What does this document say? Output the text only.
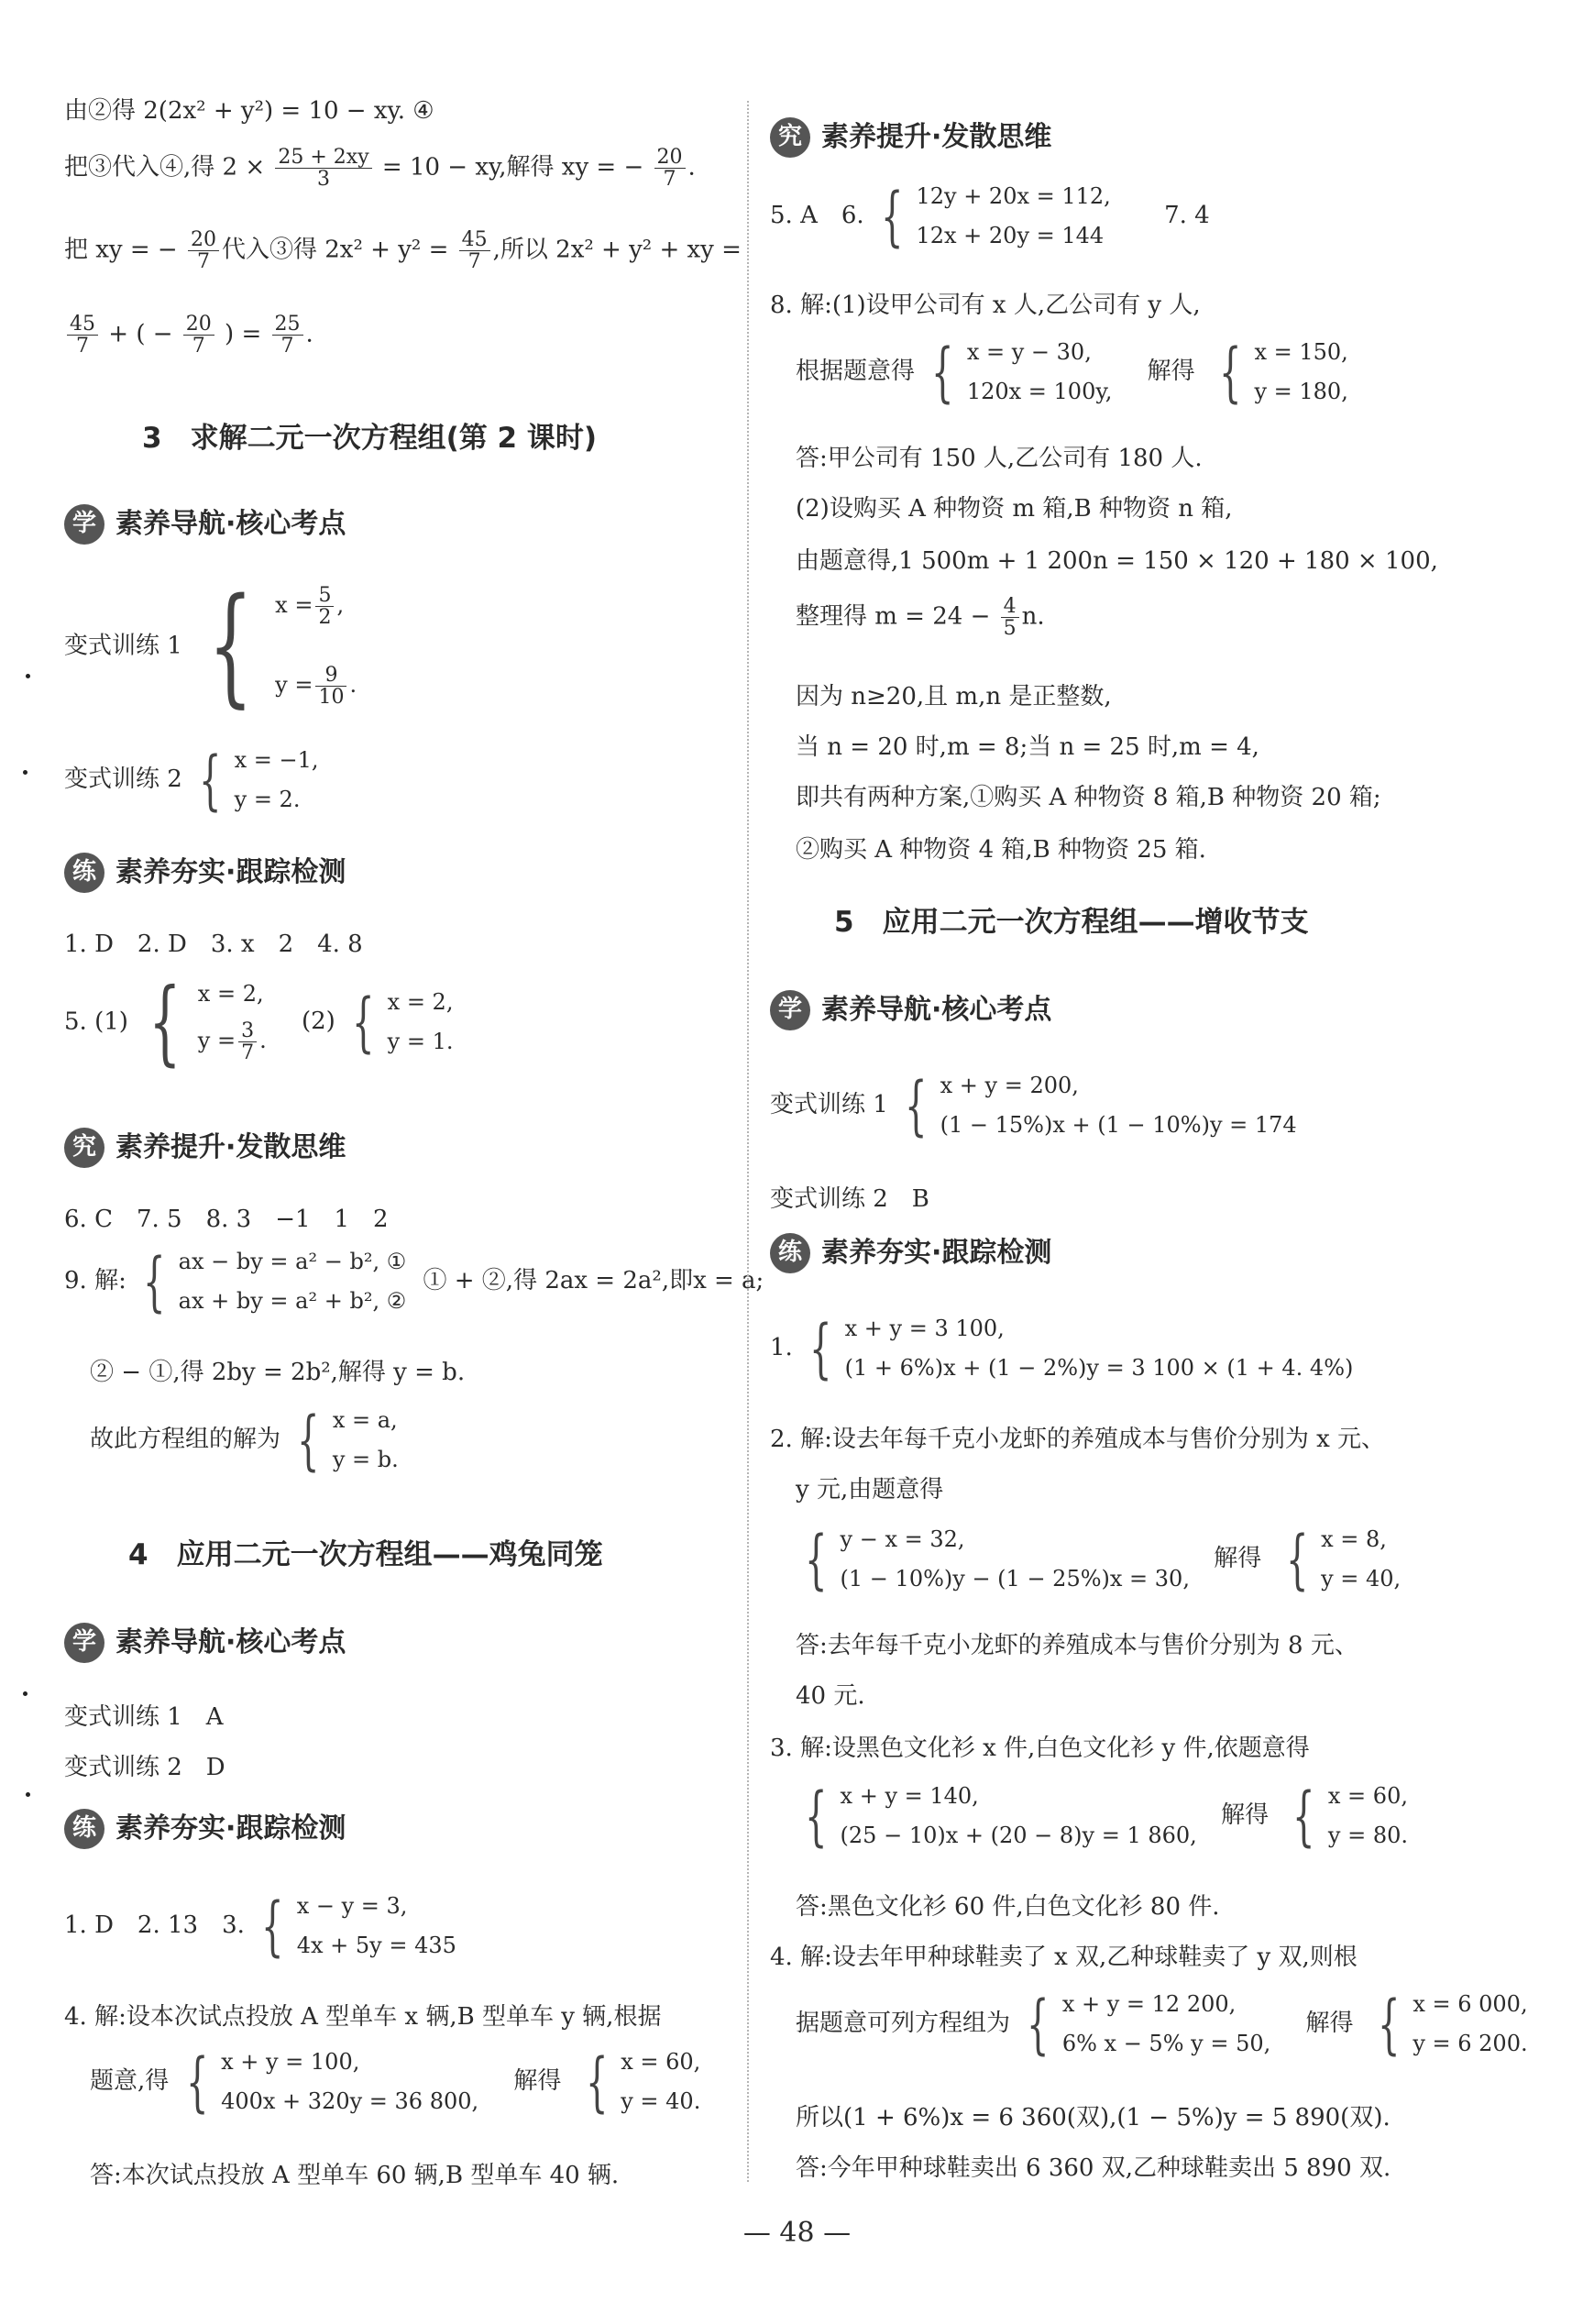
由②得 2(2x² + y²) = 10 − xy. ④
把③代入④,得 $2 \times \frac{25 + 2xy}{3} = 10$ − xy,解得 xy = − $\frac{20}{7}$ .
把 xy = − $\frac{20}{7}$ 代入③得 $2x^2 + y^2 = \frac{45}{7}$ ,所以 2x² + y² + xy =
$\frac{45}{7}$ + ( − $\frac{20}{7}$ ) = $\frac{25}{7}$ .
3　求解二元一次方程组(第 2 课时)
学 素养导航·核心考点
变式训练 1 { $x = \frac{5}{2}$ ,
$y = \frac{9}{10}$ .
变式训练 2 { x = −1,
y = 2.
练 素养夯实·跟踪检测
1. D　2. D　3. x　2　4. 8
5. (1) { x = 2,
$y = \frac{3}{7}$ .
(2) { x = 2,
y = 1.
究 素养提升·发散思维
6. C　7. 5　8. 3　−1　1　2
9. 解: { ax − by = a² − b², ①
ax + by = a² + b², ②
① + ②,得 2ax = 2a²,即x = a;
② − ①,得 2by = 2b²,解得 y = b.
故此方程组的解为 { x = a,
y = b.
4　应用二元一次方程组——鸡兔同笼
学 素养导航·核心考点
变式训练 1　A
变式训练 2　D
练 素养夯实·跟踪检测
1. D　2. 13　3. { x − y = 3,
4x + 5y = 435
4. 解:设本次试点投放 A 型单车 x 辆,B 型单车 y 辆,根据
题意,得 { x + y = 100,
400x + 320y = 36 800,
解得 { x = 60,
y = 40.
答:本次试点投放 A 型单车 60 辆,B 型单车 40 辆.
究 素养提升·发散思维
5. A　6. { 12y + 20x = 112,
12x + 20y = 144
7. 4
8. 解:(1)设甲公司有 x 人,乙公司有 y 人,
根据题意得 { x = y − 30,
120x = 100y,
解得 { x = 150,
y = 180,
答:甲公司有 150 人,乙公司有 180 人.
(2)设购买 A 种物资 m 箱,B 种物资 n 箱,
由题意得,1 500m + 1 200n = 150 × 120 + 180 × 100,
整理得 $m = 24 - \frac{4}{5} n$.
因为 n≥20,且 m,n 是正整数,
当 n = 20 时,m = 8;当 n = 25 时,m = 4,
即共有两种方案,①购买 A 种物资 8 箱,B 种物资 20 箱;
②购买 A 种物资 4 箱,B 种物资 25 箱.
5　应用二元一次方程组——增收节支
学 素养导航·核心考点
变式训练 1 { x + y = 200,
(1 − 15%)x + (1 − 10%)y = 174
变式训练 2　B
练 素养夯实·跟踪检测
1. { x + y = 3 100,
(1 + 6%)x + (1 − 2%)y = 3 100 × (1 + 4. 4%)
2. 解:设去年每千克小龙虾的养殖成本与售价分别为 x 元、
y 元,由题意得
{ y − x = 32,
(1 − 10%)y − (1 − 25%)x = 30,
解得 { x = 8,
y = 40,
答:去年每千克小龙虾的养殖成本与售价分别为 8 元、
40 元.
3. 解:设黑色文化衫 x 件,白色文化衫 y 件,依题意得
{ x + y = 140,
(25 − 10)x + (20 − 8)y = 1 860,
解得 { x = 60,
y = 80.
答:黑色文化衫 60 件,白色文化衫 80 件.
4. 解:设去年甲种球鞋卖了 x 双,乙种球鞋卖了 y 双,则根
据题意可列方程组为 { x + y = 12 200,
6% x − 5% y = 50,
解得 { x = 6 000,
y = 6 200.
所以(1 + 6%)x = 6 360(双),(1 − 5%)y = 5 890(双).
答:今年甲种球鞋卖出 6 360 双,乙种球鞋卖出 5 890 双.
— 48 —
